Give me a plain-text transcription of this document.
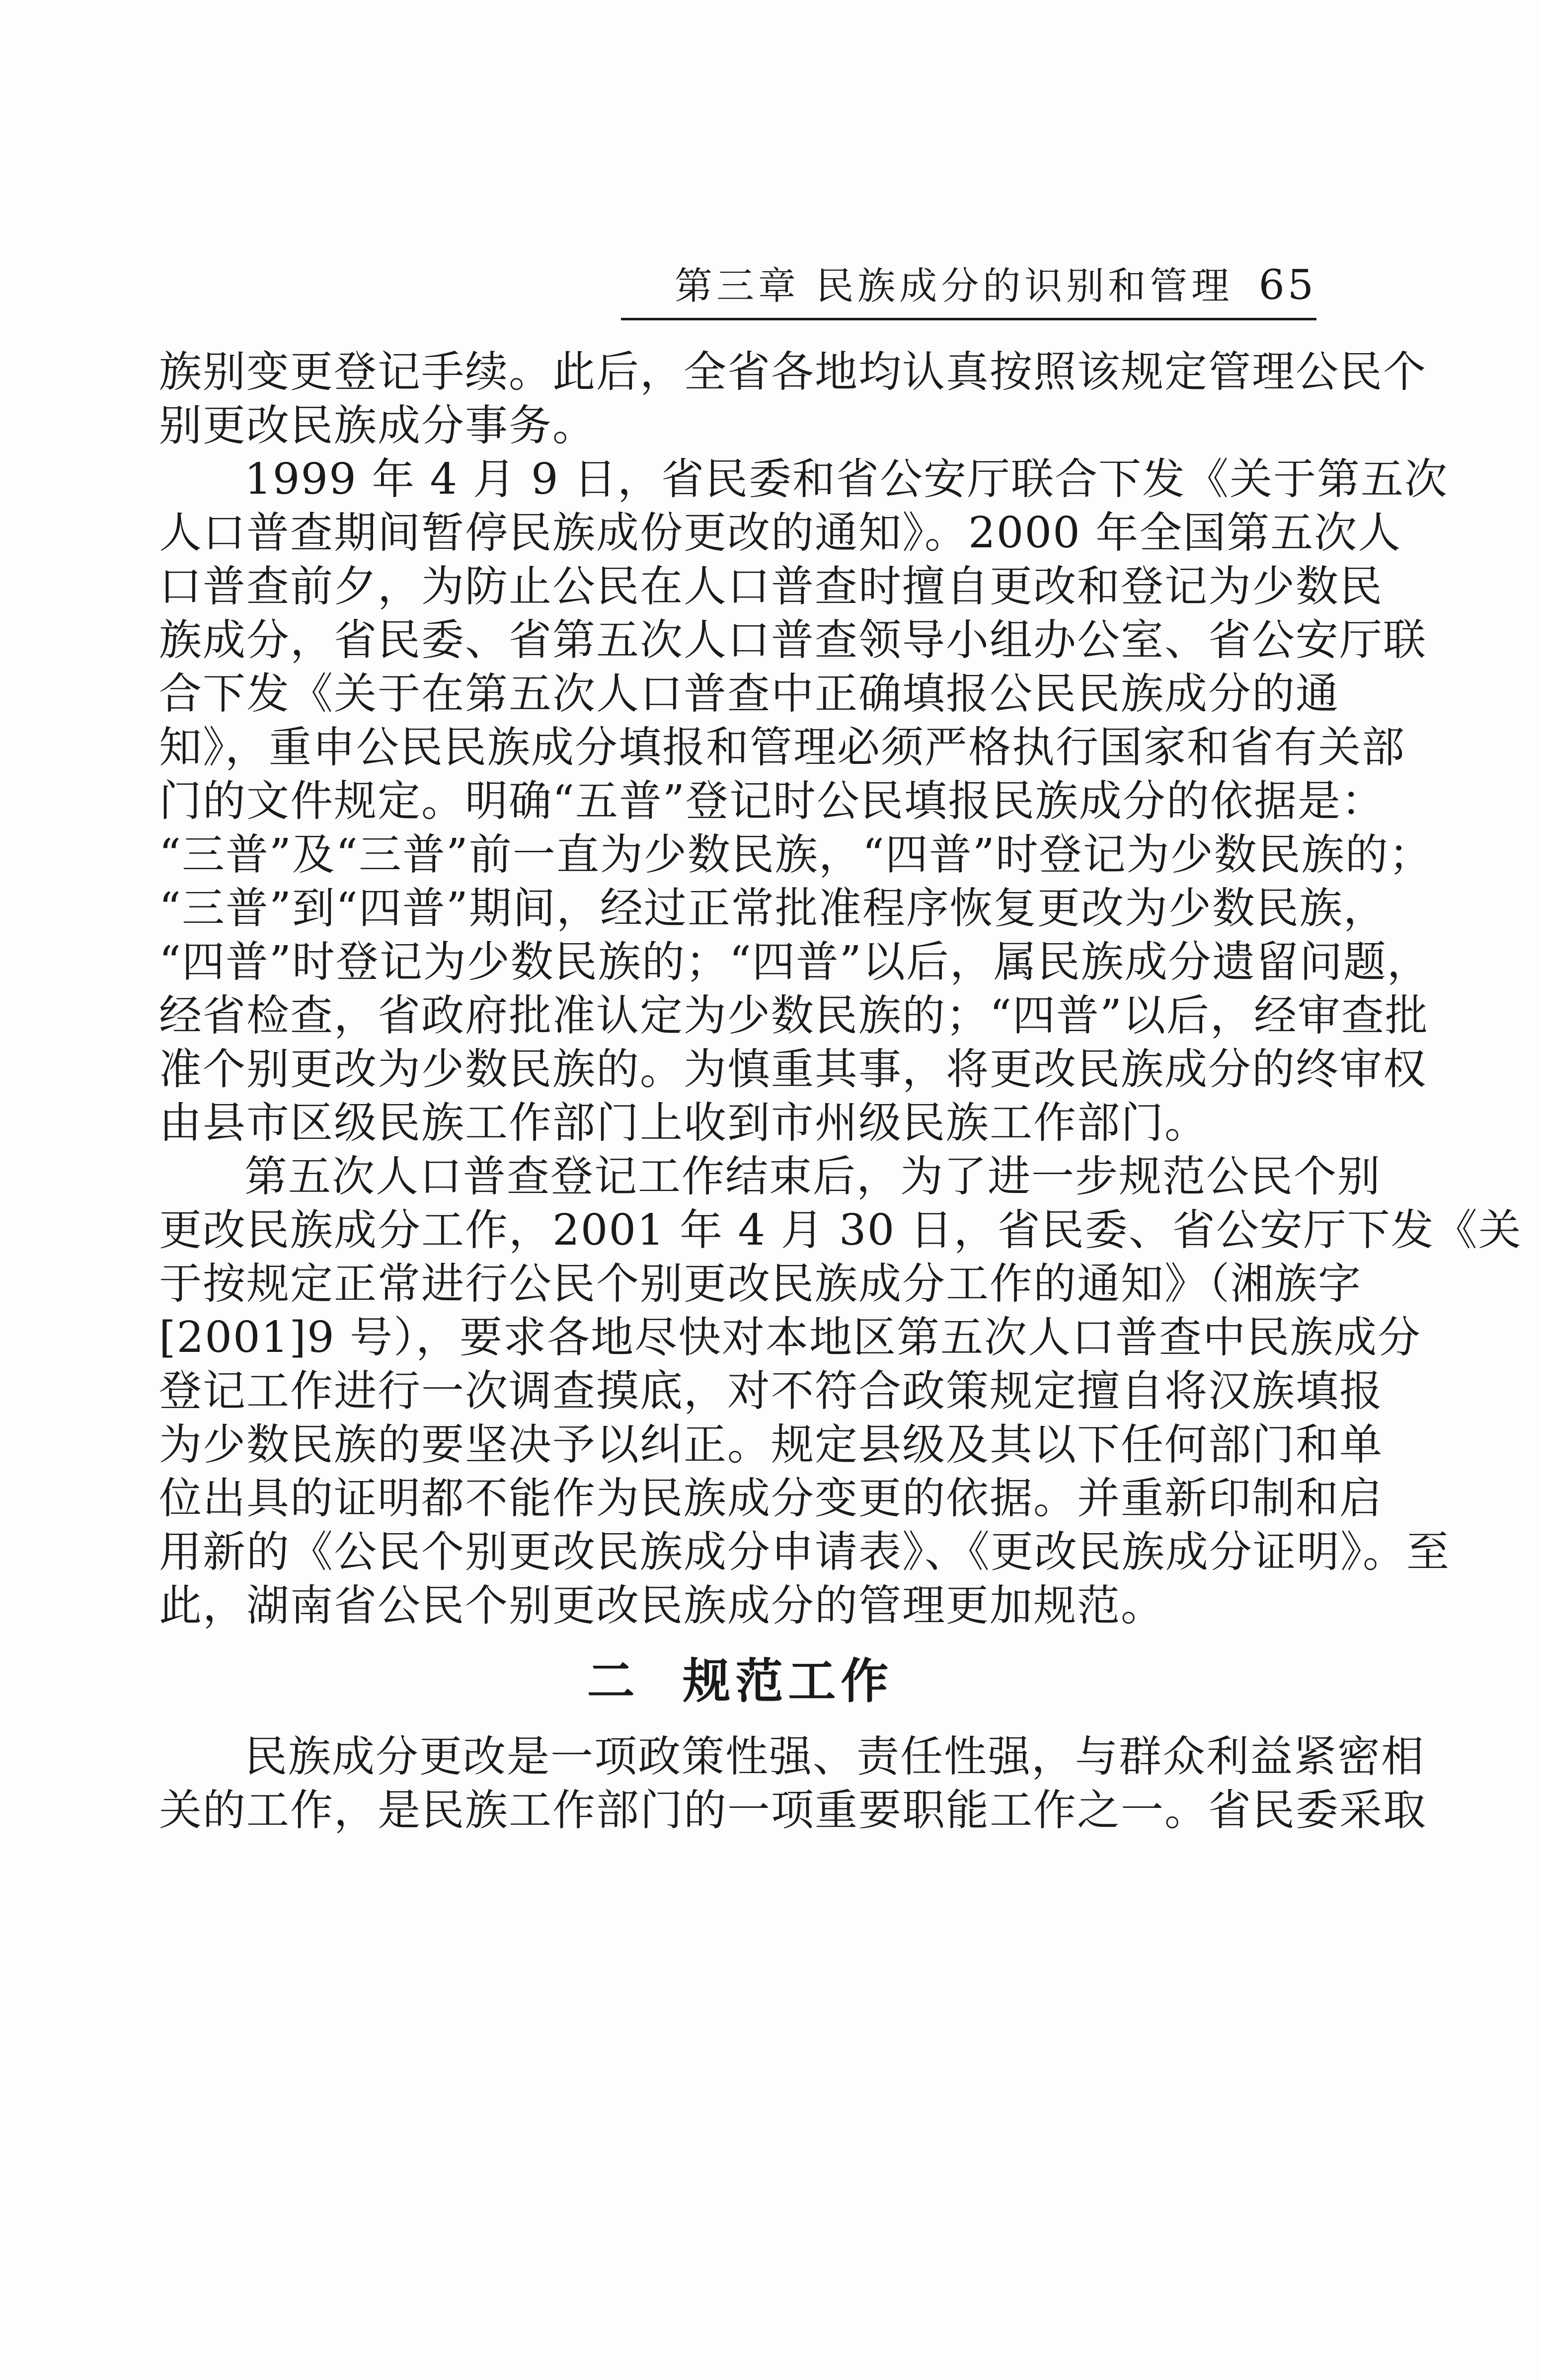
第三章 民族成分的识别和管理 65
族别变更登记手续。此后，全省各地均认真按照该规定管理公民个
别更改民族成分事务。
1999 年 4 月 9 日，省民委和省公安厅联合下发《关于第五次
人口普查期间暂停民族成份更改的通知》。2000 年全国第五次人
口普查前夕，为防止公民在人口普查时擅自更改和登记为少数民
族成分，省民委、省第五次人口普查领导小组办公室、省公安厅联
合下发《关于在第五次人口普查中正确填报公民民族成分的通
知》，重申公民民族成分填报和管理必须严格执行国家和省有关部
门的文件规定。明确“五普”登记时公民填报民族成分的依据是：
“三普”及“三普”前一直为少数民族，“四普”时登记为少数民族的；
“三普”到“四普”期间，经过正常批准程序恢复更改为少数民族，
“四普”时登记为少数民族的；“四普”以后，属民族成分遗留问题，
经省检查，省政府批准认定为少数民族的；“四普”以后，经审查批
准个别更改为少数民族的。为慎重其事，将更改民族成分的终审权
由县市区级民族工作部门上收到市州级民族工作部门。
第五次人口普查登记工作结束后，为了进一步规范公民个别
更改民族成分工作，2001 年 4 月 30 日，省民委、省公安厅下发《关
于按规定正常进行公民个别更改民族成分工作的通知》（湘族字
[2001]9 号），要求各地尽快对本地区第五次人口普查中民族成分
登记工作进行一次调查摸底，对不符合政策规定擅自将汉族填报
为少数民族的要坚决予以纠正。规定县级及其以下任何部门和单
位出具的证明都不能作为民族成分变更的依据。并重新印制和启
用新的《公民个别更改民族成分申请表》、《更改民族成分证明》。至
此，湖南省公民个别更改民族成分的管理更加规范。
二  规范工作
民族成分更改是一项政策性强、责任性强，与群众利益紧密相
关的工作，是民族工作部门的一项重要职能工作之一。省民委采取
